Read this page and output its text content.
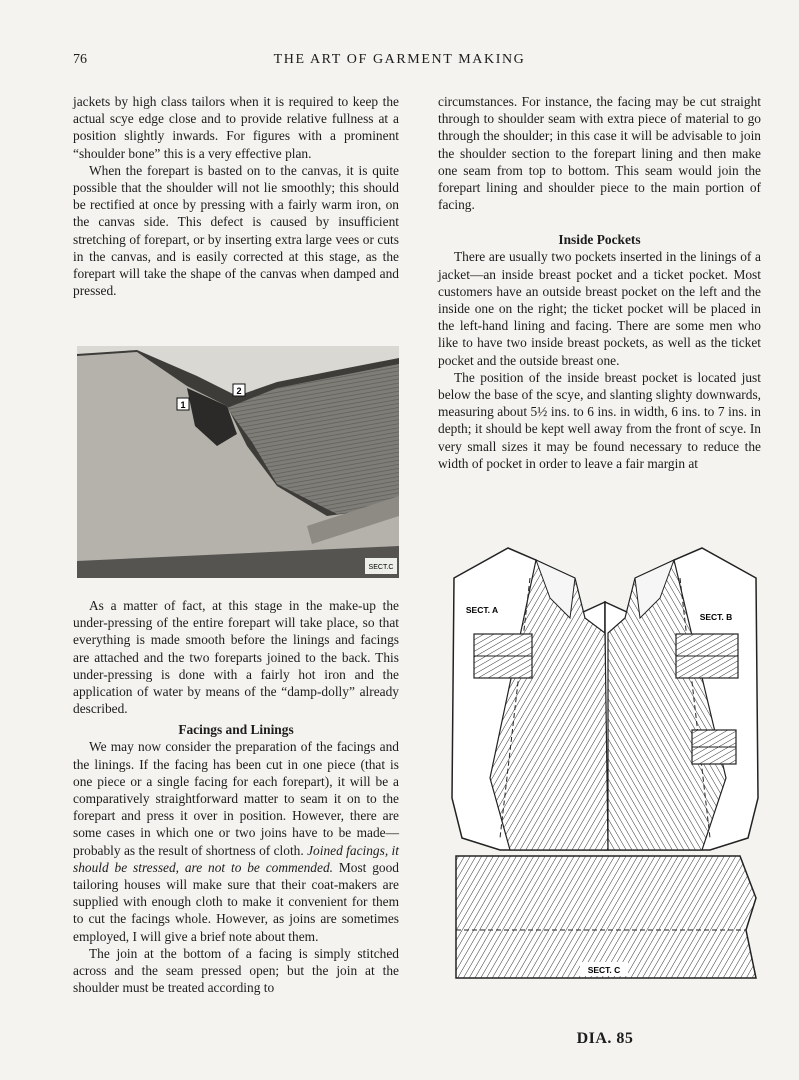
76	THE ART OF GARMENT MAKING

jackets by high class tailors when it is required to keep the actual scye edge close and to provide relative fullness at a position slightly inwards. For figures with a prominent “shoulder bone” this is a very effective plan.

When the forepart is basted on to the canvas, it is quite possible that the shoulder will not lie smoothly; this should be rectified at once by pressing with a fairly warm iron, on the canvas side. This defect is caused by insufficient stretching of forepart, or by inserting extra large vees or cuts in the canvas, and is easily corrected at this stage, as the forepart will take the shape of the canvas when damped and pressed.

1
2
SECT.C

As a matter of fact, at this stage in the make-up the under-pressing of the entire forepart will take place, so that everything is made smooth before the linings and facings are attached and the two foreparts joined to the back. This under-pressing is done with a fairly hot iron and the application of water by means of the “damp-dolly” already described.

Facings and Linings

We may now consider the preparation of the facings and the linings. If the facing has been cut in one piece (that is one piece or a single facing for each forepart), it will be a comparatively straightforward matter to seam it on to the forepart and press it over in position. However, there are some cases in which one or two joins have to be made—probably as the result of shortness of cloth. Joined facings, it should be stressed, are not to be commended. Most good tailoring houses will make sure that their coat-makers are supplied with enough cloth to make it convenient for them to cut the facings whole. However, as joins are sometimes employed, I will give a brief note about them.

The join at the bottom of a facing is simply stitched across and the seam pressed open; but the join at the shoulder must be treated according to

circumstances. For instance, the facing may be cut straight through to shoulder seam with extra piece of material to go through the shoulder; in this case it will be advisable to join the shoulder section to the forepart lining and then make one seam from top to bottom. This seam would join the forepart lining and shoulder piece to the main portion of facing.

Inside Pockets

There are usually two pockets inserted in the linings of a jacket—an inside breast pocket and a ticket pocket. Most customers have an outside breast pocket on the left and the inside one on the right; the ticket pocket will be placed in the left-hand lining and facing. There are some men who like to have two inside breast pockets, as well as the ticket pocket and the outside breast one.

The position of the inside breast pocket is located just below the base of the scye, and slanting slighty downwards, measuring about 5½ ins. to 6 ins. in width, 6 ins. to 7 ins. in depth; it should be kept well away from the front of scye. In very small sizes it may be found necessary to reduce the width of pocket in order to leave a fair margin at

SECT. A
SECT. B
SECT. C
DIA. 85
